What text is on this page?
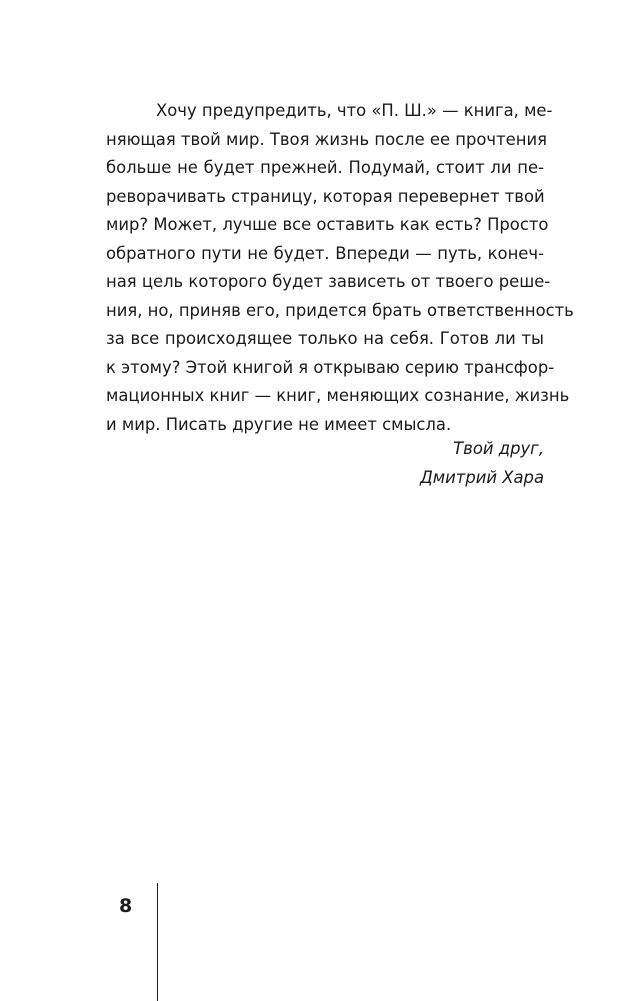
Хочу предупредить, что «П. Ш.» — книга, ме-
няющая твой мир. Твоя жизнь после ее прочтения
больше не будет прежней. Подумай, стоит ли пе-
реворачивать страницу, которая перевернет твой
мир? Может, лучше все оставить как есть? Просто
обратного пути не будет. Впереди — путь, конеч-
ная цель которого будет зависеть от твоего реше-
ния, но, приняв его, придется брать ответственность
за все происходящее только на себя. Готов ли ты
к этому? Этой книгой я открываю серию трансфор-
мационных книг — книг, меняющих сознание, жизнь
и мир. Писать другие не имеет смысла.
Твой друг,
Дмитрий Хара
8
